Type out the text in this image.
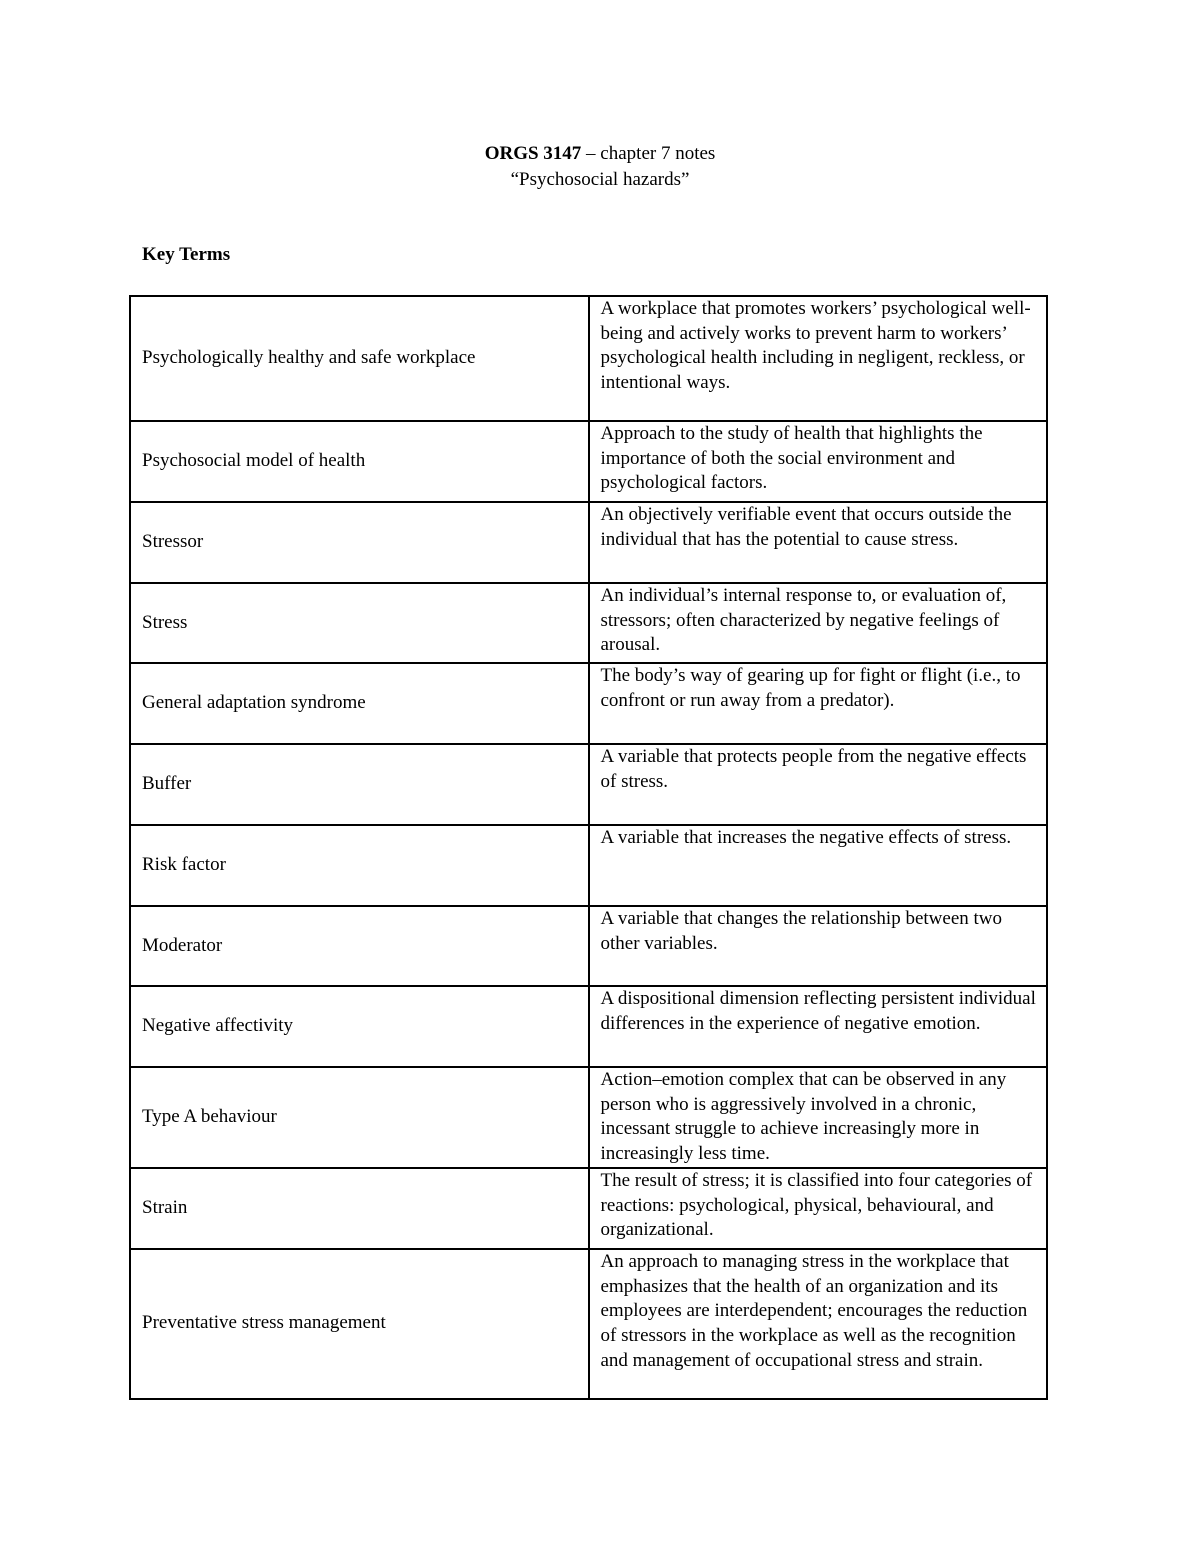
ORGS 3147 – chapter 7 notes
“Psychosocial hazards”
Key Terms
Psychologically healthy and safe workplace	A workplace that promotes workers’ psychological well-being and actively works to prevent harm to workers’ psychological health including in negligent, reckless, or intentional ways.
Psychosocial model of health	Approach to the study of health that highlights the importance of both the social environment and psychological factors.
Stressor	An objectively verifiable event that occurs outside the individual that has the potential to cause stress.
Stress	An individual’s internal response to, or evaluation of, stressors; often characterized by negative feelings of arousal.
General adaptation syndrome	The body’s way of gearing up for fight or flight (i.e., to confront or run away from a predator).
Buffer	A variable that protects people from the negative effects of stress.
Risk factor	A variable that increases the negative effects of stress.
Moderator	A variable that changes the relationship between two other variables.
Negative affectivity	A dispositional dimension reflecting persistent individual differences in the experience of negative emotion.
Type A behaviour	Action–emotion complex that can be observed in any person who is aggressively involved in a chronic, incessant struggle to achieve increasingly more in increasingly less time.
Strain	The result of stress; it is classified into four categories of reactions: psychological, physical, behavioural, and organizational.
Preventative stress management	An approach to managing stress in the workplace that emphasizes that the health of an organization and its employees are interdependent; encourages the reduction of stressors in the workplace as well as the recognition and management of occupational stress and strain.
